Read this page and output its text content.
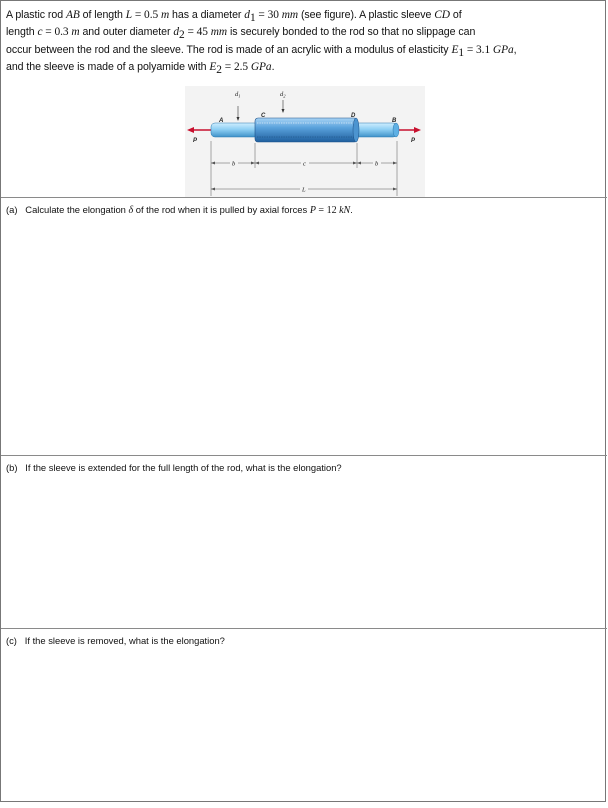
A plastic rod AB of length L = 0.5 m has a diameter $d_1 = 30$ mm (see figure). A plastic sleeve CD of
length c = 0.3 m and outer diameter $d_2 = 45$ mm is securely bonded to the rod so that no slippage can
occur between the rod and the sleeve. The rod is made of an acrylic with a modulus of elasticity $E_1 = 3.1$ GPa,
and the sleeve is made of a polyamide with $E_2 = 2.5$ GPa.
$d_1$	$d_2$
A
C	D
B
P	P
b	c	b
L
(a) Calculate the elongation δ of the rod when it is pulled by axial forces P = 12 kN.
(b) If the sleeve is extended for the full length of the rod, what is the elongation?
(c) If the sleeve is removed, what is the elongation?
